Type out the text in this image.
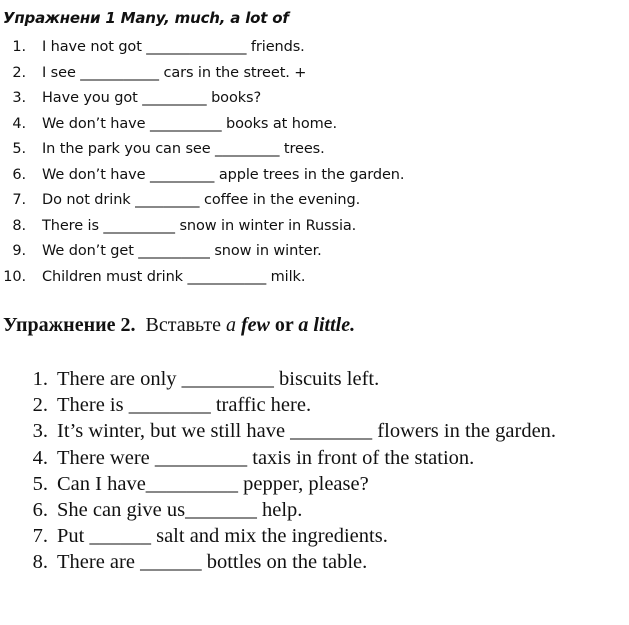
Упражнени 1 Many, much, a lot of
1. I have not got ______________ friends.
2. I see ___________ cars in the street. +
3. Have you got _________ books?
4. We don’t have __________ books at home.
5. In the park you can see _________ trees.
6. We don’t have _________ apple trees in the garden.
7. Do not drink _________ coffee in the evening.
8. There is __________ snow in winter in Russia.
9. We don’t get __________ snow in winter.
10. Children must drink ___________ milk.
Упражнение 2. Вставьте a few or a little.
1. There are only _________ biscuits left.
2. There is ________ traffic here.
3. It’s winter, but we still have ________ flowers in the garden.
4. There were _________ taxis in front of the station.
5. Can I have_________ pepper, please?
6. She can give us_______ help.
7. Put ______ salt and mix the ingredients.
8. There are ______ bottles on the table.
